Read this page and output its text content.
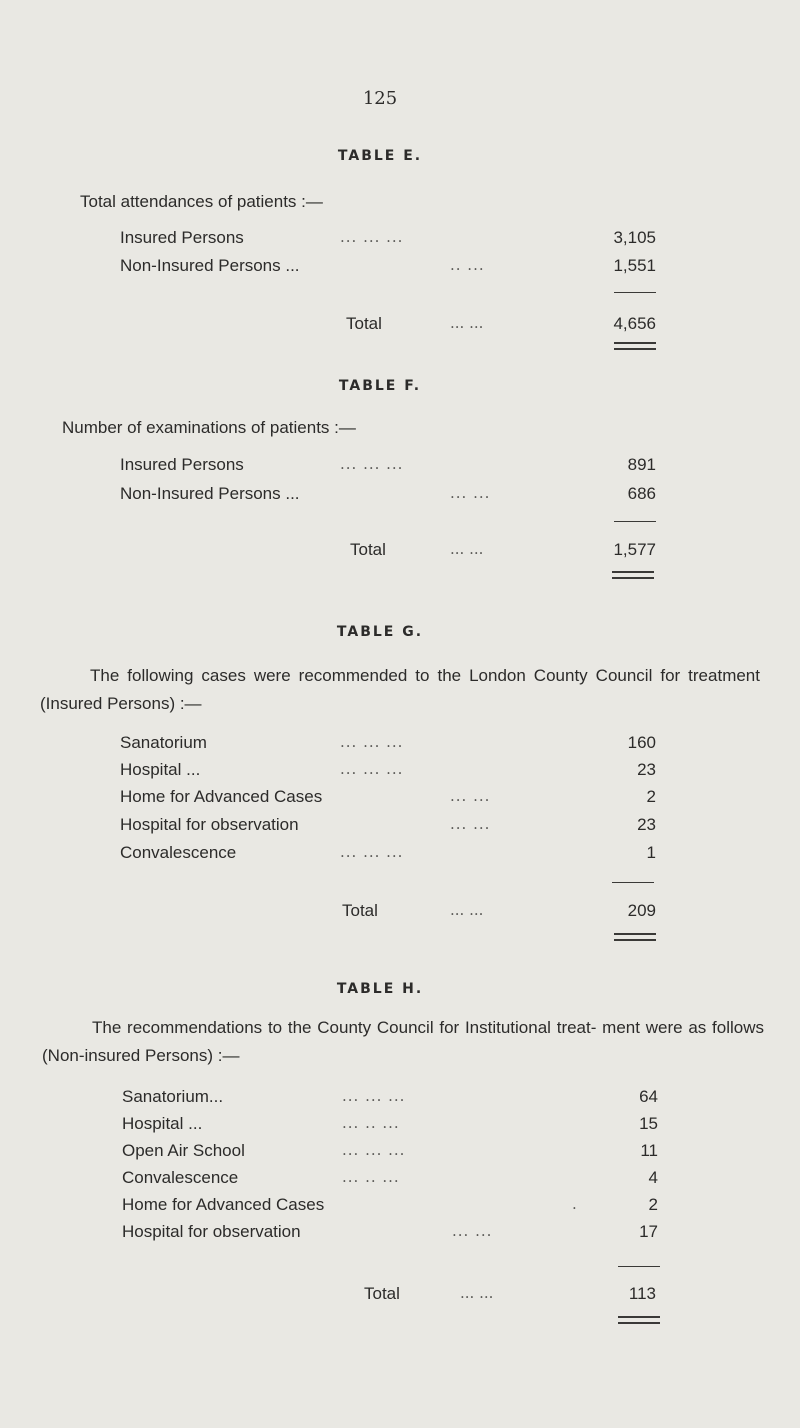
125
TABLE E.
Total attendances of patients :—
Insured Persons	... ... ...	3,105
Non-Insured Persons ...	.. ...	1,551
Total	... ...	4,656
TABLE F.
Number of examinations of patients :—
Insured Persons	... ... ...	891
Non-Insured Persons ...	... ...	686
Total	... ...	1,577
TABLE G.
The following cases were recommended to the London County Council for treatment (Insured Persons) :—
Sanatorium	... ... ...	160
Hospital ...	... ... ...	23
Home for Advanced Cases	... ...	2
Hospital for observation	... ...	23
Convalescence	... ... ...	1
Total	... ...	209
TABLE H.
The recommendations to the County Council for Institutional treat- ment were as follows (Non-insured Persons) :—
Sanatorium...	... ... ...	64
Hospital ...	... .. ...	15
Open Air School	... ... ...	11
Convalescence	... .. ...	4
Home for Advanced Cases	.	2
Hospital for observation	... ...	17
Total	... ...	113
